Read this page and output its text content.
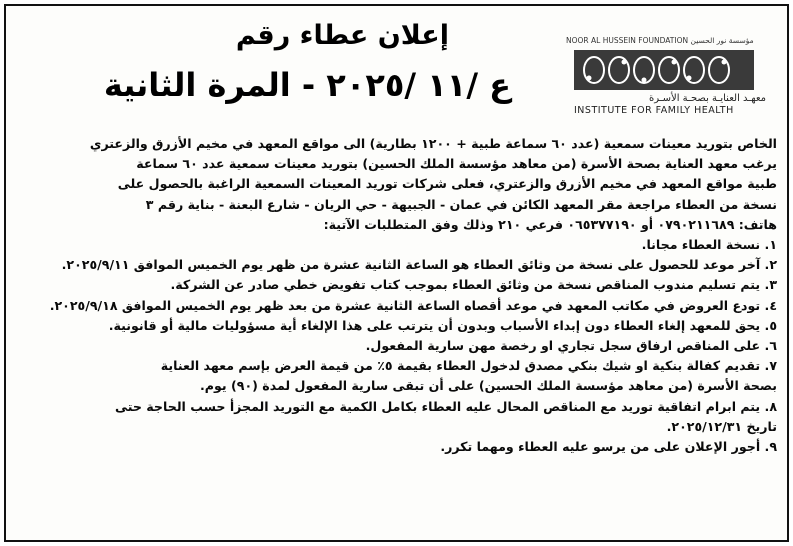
إعلان عطاء رقم
ع /١١ /٢٠٢٥ - المرة الثانية
NOOR AL HUSSEIN FOUNDATION مؤسسة نور الحسين
معهـد العنايـة بصحـة الأسـرة
INSTITUTE FOR FAMILY HEALTH
الخاص بتوريد معينات سمعية (عدد ٦٠ سماعة طبية + ١٢٠٠ بطارية) الى مواقع المعهد في مخيم الأزرق والزعتري
يرغب معهد العناية بصحة الأسرة (من معاهد مؤسسة الملك الحسين) بتوريد معينات سمعية عدد ٦٠ سماعة
طبية مواقع المعهد في مخيم الأزرق والزعتري، فعلى شركات توريد المعينات السمعية الراغبة بالحصول على
نسخة من العطاء مراجعة مقر المعهد الكائن في عمان - الجبيهة - حي الريان - شارع البعنة - بناية رقم ٣
هاتف: ٠٧٩٠٢١١٦٨٩ أو ٠٦٥٣٧٧١٩٠ فرعي ٢١٠ وذلك وفق المتطلبات الآتية:
١. نسخة العطاء مجانا.
٢. آخر موعد للحصول على نسخة من وثائق العطاء هو الساعة الثانية عشرة من ظهر يوم الخميس الموافق ٢٠٢٥/٩/١١.
٣. يتم تسليم مندوب المناقص نسخة من وثائق العطاء بموجب كتاب تفويض خطي صادر عن الشركة.
٤. تودع العروض في مكاتب المعهد في موعد أقصاه الساعة الثانية عشرة من بعد ظهر يوم الخميس الموافق ٢٠٢٥/٩/١٨.
٥. يحق للمعهد إلغاء العطاء دون إبداء الأسباب وبدون أن يترتب على هذا الإلغاء أية مسؤوليات مالية أو قانونية.
٦. على المناقص ارفاق سجل تجاري او رخصة مهن سارية المفعول.
٧. تقديم كفالة بنكية او شيك بنكي مصدق لدخول العطاء بقيمة ٥٪ من قيمة العرض بإسم معهد العناية
بصحة الأسرة (من معاهد مؤسسة الملك الحسين) على أن تبقى سارية المفعول لمدة (٩٠) يوم.
٨. يتم ابرام اتفاقية توريد مع المناقص المحال عليه العطاء بكامل الكمية مع التوريد المجزأ حسب الحاجة حتى
تاريخ ٢٠٢٥/١٢/٣١.
٩. أجور الإعلان على من يرسو عليه العطاء ومهما تكرر.
